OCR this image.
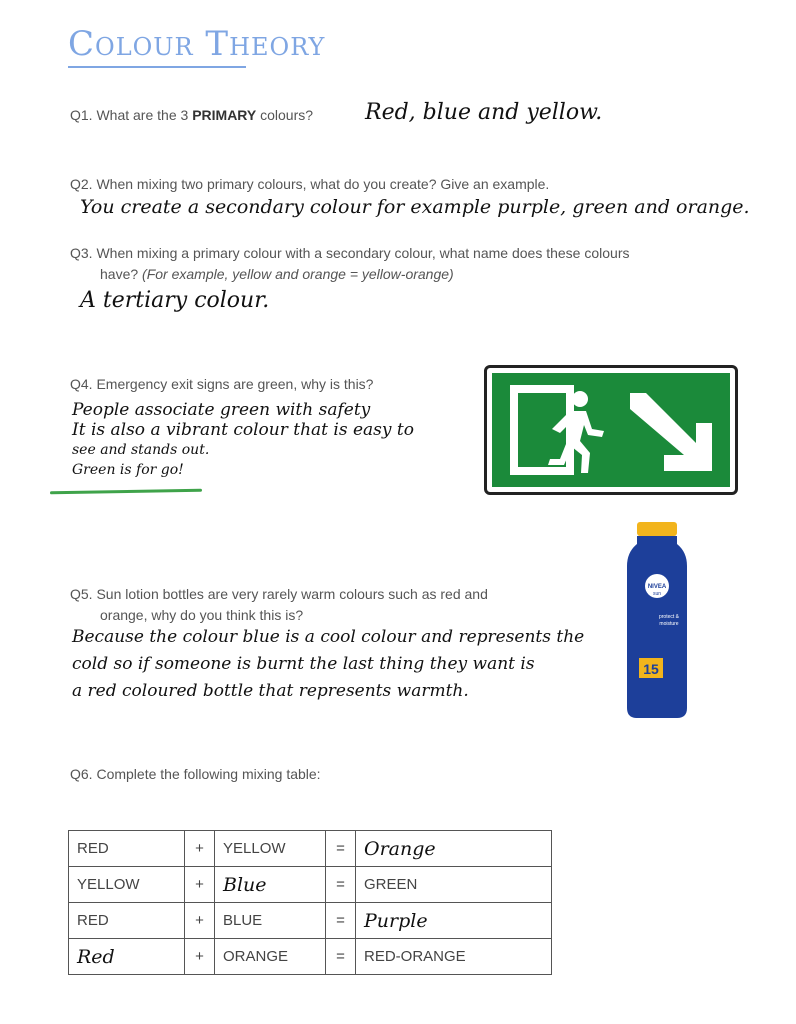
Colour Theory
Q1. What are the 3 PRIMARY colours? Red, blue and yellow.
Q2. When mixing two primary colours, what do you create? Give an example.
You create a secondary colour for example purple, green and orange.
Q3. When mixing a primary colour with a secondary colour, what name does these colours
have? (For example, yellow and orange = yellow-orange)
A tertiary colour.
Q4. Emergency exit signs are green, why is this?
People associate green with safety
It is also a vibrant colour that is easy to
see and stands out.
Green is for go!
Q5. Sun lotion bottles are very rarely warm colours such as red and
orange, why do you think this is?
Because the colour blue is a cool colour and represents the
cold so if someone is burnt the last thing they want is
a red coloured bottle that represents warmth.
NIVEA
sun
protect &
moisture
15
Q6. Complete the following mixing table:
RED	+	YELLOW	=	Orange
YELLOW	+	Blue	=	GREEN
RED	+	BLUE	=	Purple
Red	+	ORANGE	=	RED-ORANGE
